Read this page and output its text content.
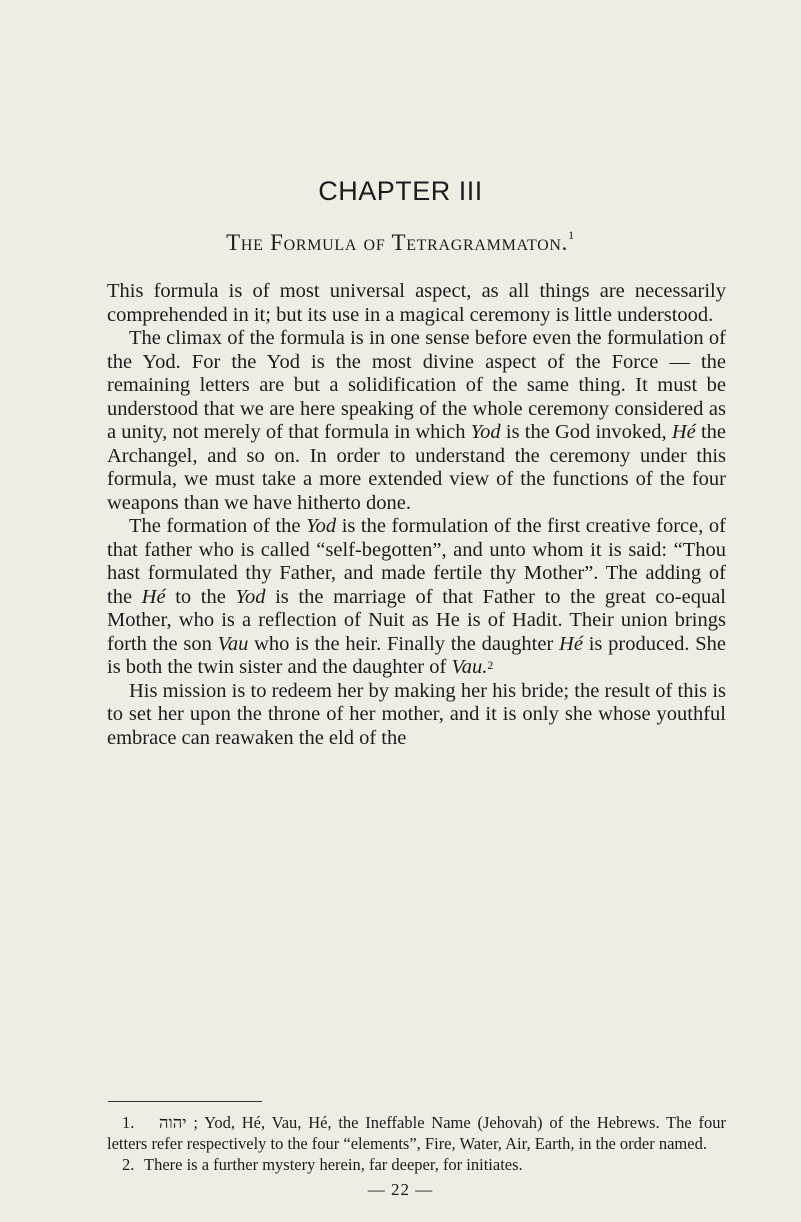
CHAPTER III
The Formula of Tetragrammaton.$^1$

This formula is of most universal aspect, as all things are necessarily comprehended in it; but its use in a magical ceremony is little understood.

The climax of the formula is in one sense before even the formulation of the Yod. For the Yod is the most divine aspect of the Force — the remaining letters are but a solidification of the same thing. It must be understood that we are here speaking of the whole ceremony considered as a unity, not merely of that formula in which Yod is the God invoked, Hé the Archangel, and so on. In order to understand the ceremony under this formula, we must take a more extended view of the functions of the four weapons than we have hitherto done.

The formation of the Yod is the formulation of the first creative force, of that father who is called “self-begotten”, and unto whom it is said: “Thou hast formulated thy Father, and made fertile thy Mother”. The adding of the Hé to the Yod is the marriage of that Father to the great co-equal Mother, who is a reflection of Nuit as He is of Hadit. Their union brings forth the son Vau who is the heir. Finally the daughter Hé is produced. She is both the twin sister and the daughter of Vau.$^2$

His mission is to redeem her by making her his bride; the result of this is to set her upon the throne of her mother, and it is only she whose youthful embrace can reawaken the eld of the

1. יהוה ; Yod, Hé, Vau, Hé, the Ineffable Name (Jehovah) of the Hebrews. The four letters refer respectively to the four “elements”, Fire, Water, Air, Earth, in the order named.

2. There is a further mystery herein, far deeper, for initiates.

— 22 —
